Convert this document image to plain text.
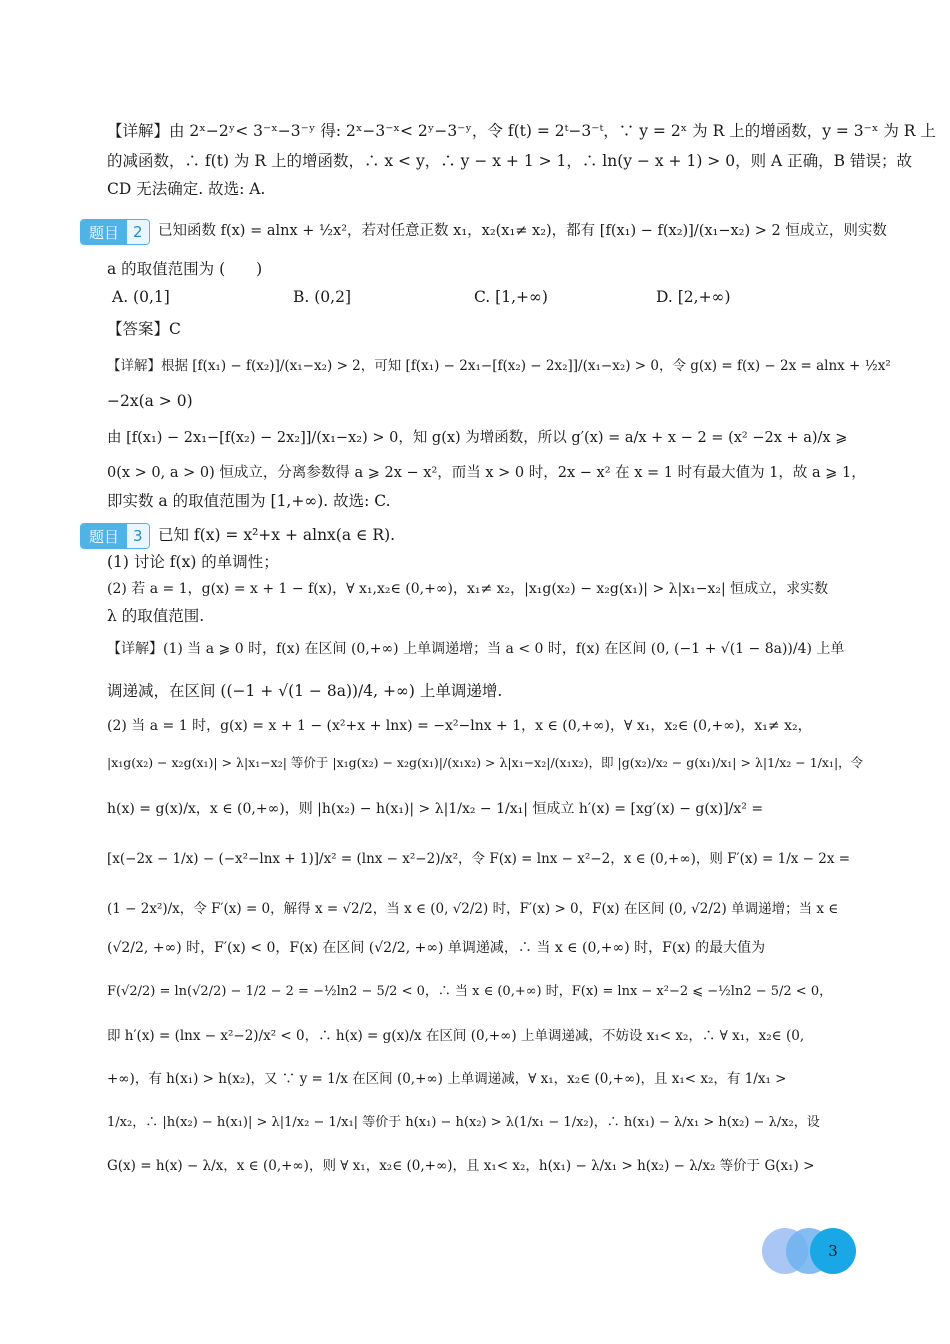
【详解】由 2ˣ−2ʸ< 3⁻ˣ−3⁻ʸ 得: 2ˣ−3⁻ˣ< 2ʸ−3⁻ʸ，令 f(t) = 2ᵗ−3⁻ᵗ，∵ y = 2ˣ 为 R 上的增函数，y = 3⁻ˣ 为 R 上
的减函数，∴ f(t) 为 R 上的增函数，∴ x < y，∴ y − x + 1 > 1，∴ ln(y − x + 1) > 0，则 A 正确，B 错误；故
CD 无法确定. 故选: A.
题目 2	已知函数 f(x) = alnx + ½x²，若对任意正数 x₁，x₂(x₁≠ x₂)，都有 [f(x₁) − f(x₂)]/(x₁−x₂) > 2 恒成立，则实数
a 的取值范围为 (　　)
A. (0,1]	B. (0,2]	C. [1,+∞)	D. [2,+∞)
【答案】C
【详解】根据 [f(x₁) − f(x₂)]/(x₁−x₂) > 2，可知 [f(x₁) − 2x₁−[f(x₂) − 2x₂]]/(x₁−x₂) > 0，令 g(x) = f(x) − 2x = alnx + ½x²
−2x(a > 0)
由 [f(x₁) − 2x₁−[f(x₂) − 2x₂]]/(x₁−x₂) > 0，知 g(x) 为增函数，所以 g′(x) = a/x + x − 2 = (x² −2x + a)/x ⩾
0(x > 0, a > 0) 恒成立，分离参数得 a ⩾ 2x − x²，而当 x > 0 时，2x − x² 在 x = 1 时有最大值为 1，故 a ⩾ 1，
即实数 a 的取值范围为 [1,+∞). 故选: C.
题目 3 已知 f(x) = x²+x + alnx(a ∈ R).
(1) 讨论 f(x) 的单调性；
(2) 若 a = 1，g(x) = x + 1 − f(x)，∀ x₁,x₂∈ (0,+∞)，x₁≠ x₂，|x₁g(x₂) − x₂g(x₁)| > λ|x₁−x₂| 恒成立，求实数
λ 的取值范围.
【详解】(1) 当 a ⩾ 0 时，f(x) 在区间 (0,+∞) 上单调递增；当 a < 0 时，f(x) 在区间 (0, (−1 + √(1 − 8a))/4) 上单
调递减，在区间 ((−1 + √(1 − 8a))/4, +∞) 上单调递增.
(2) 当 a = 1 时，g(x) = x + 1 − (x²+x + lnx) = −x²−lnx + 1，x ∈ (0,+∞)，∀ x₁，x₂∈ (0,+∞)，x₁≠ x₂，
|x₁g(x₂) − x₂g(x₁)| > λ|x₁−x₂| 等价于 |x₁g(x₂) − x₂g(x₁)|/(x₁x₂) > λ|x₁−x₂|/(x₁x₂)，即 |g(x₂)/x₂ − g(x₁)/x₁| > λ|1/x₂ − 1/x₁|，令
h(x) = g(x)/x，x ∈ (0,+∞)，则 |h(x₂) − h(x₁)| > λ|1/x₂ − 1/x₁| 恒成立 h′(x) = [xg′(x) − g(x)]/x² =
[x(−2x − 1/x) − (−x²−lnx + 1)]/x² = (lnx − x²−2)/x²，令 F(x) = lnx − x²−2，x ∈ (0,+∞)，则 F′(x) = 1/x − 2x =
(1 − 2x²)/x，令 F′(x) = 0，解得 x = √2/2，当 x ∈ (0, √2/2) 时，F′(x) > 0，F(x) 在区间 (0, √2/2) 单调递增；当 x ∈
(√2/2, +∞) 时，F′(x) < 0，F(x) 在区间 (√2/2, +∞) 单调递减，∴ 当 x ∈ (0,+∞) 时，F(x) 的最大值为
F(√2/2) = ln(√2/2) − 1/2 − 2 = −½ln2 − 5/2 < 0，∴ 当 x ∈ (0,+∞) 时，F(x) = lnx − x²−2 ⩽ −½ln2 − 5/2 < 0，
即 h′(x) = (lnx − x²−2)/x² < 0，∴ h(x) = g(x)/x 在区间 (0,+∞) 上单调递减，不妨设 x₁< x₂，∴ ∀ x₁，x₂∈ (0,
+∞)，有 h(x₁) > h(x₂)，又 ∵ y = 1/x 在区间 (0,+∞) 上单调递减，∀ x₁，x₂∈ (0,+∞)，且 x₁< x₂，有 1/x₁ >
1/x₂，∴ |h(x₂) − h(x₁)| > λ|1/x₂ − 1/x₁| 等价于 h(x₁) − h(x₂) > λ(1/x₁ − 1/x₂)，∴ h(x₁) − λ/x₁ > h(x₂) − λ/x₂，设
G(x) = h(x) − λ/x，x ∈ (0,+∞)，则 ∀ x₁，x₂∈ (0,+∞)，且 x₁< x₂，h(x₁) − λ/x₁ > h(x₂) − λ/x₂ 等价于 G(x₁) >
3
